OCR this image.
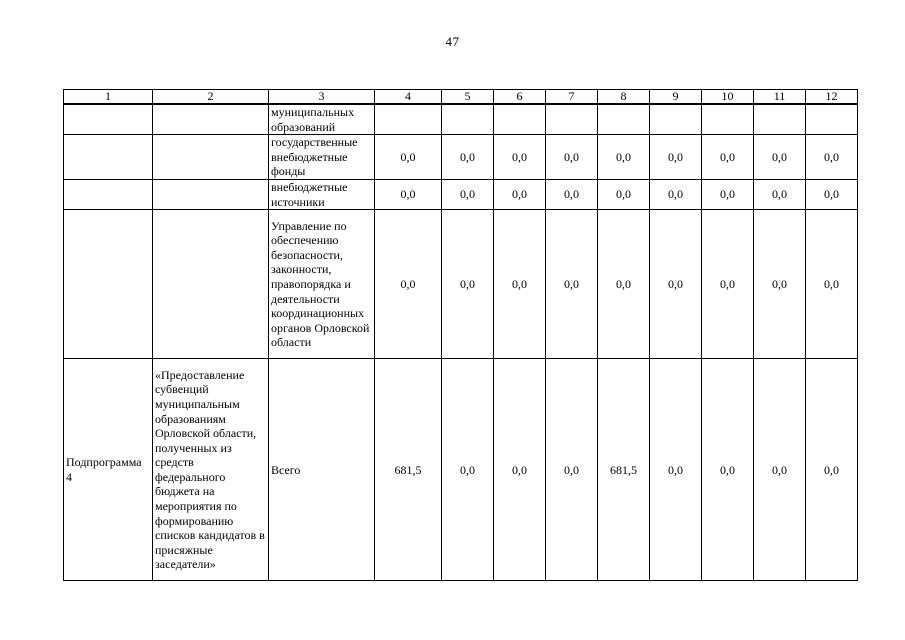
47
1	2	3	4	5	6	7	8	9	10	11	12
		муниципальных образований									
		государственные внебюджетные фонды	0,0	0,0	0,0	0,0	0,0	0,0	0,0	0,0	0,0
		внебюджетные источники	0,0	0,0	0,0	0,0	0,0	0,0	0,0	0,0	0,0
		Управление по обеспечению безопасности, законности, правопорядка и деятельности координационных органов Орловской области	0,0	0,0	0,0	0,0	0,0	0,0	0,0	0,0	0,0
Подпрограмма 4	«Предоставление субвенций муниципальным образованиям Орловской области, полученных из средств федерального бюджета на мероприятия по формированию списков кандидатов в присяжные заседатели»	Всего	681,5	0,0	0,0	0,0	681,5	0,0	0,0	0,0	0,0
